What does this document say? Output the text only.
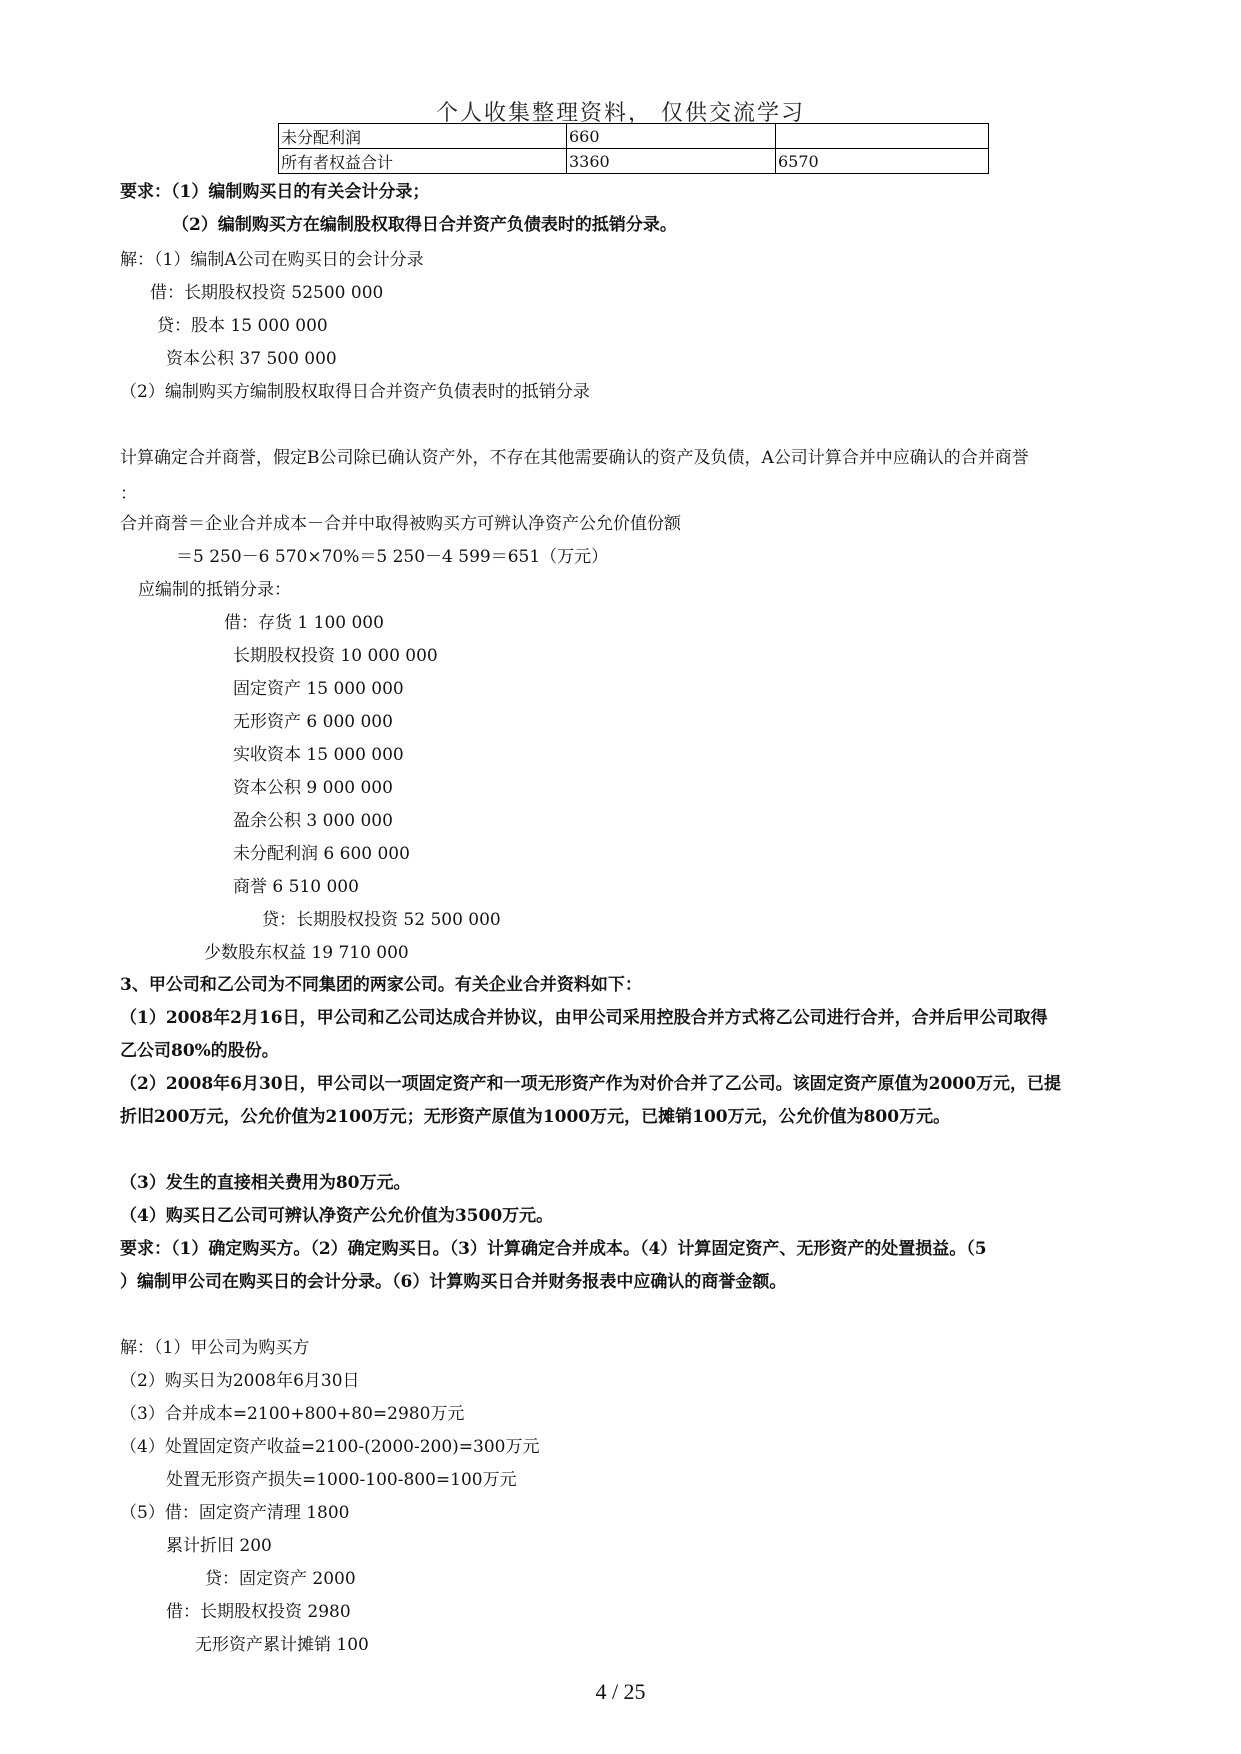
个人收集整理资料， 仅供交流学习
未分配利润	660	
所有者权益合计	3360	6570
要求：（1）编制购买日的有关会计分录；
（2）编制购买方在编制股权取得日合并资产负债表时的抵销分录。
解：（1）编制A公司在购买日的会计分录
借：长期股权投资 52500 000
贷：股本 15 000 000
资本公积 37 500 000
（2）编制购买方编制股权取得日合并资产负债表时的抵销分录
计算确定合并商誉，假定B公司除已确认资产外，不存在其他需要确认的资产及负债，A公司计算合并中应确认的合并商誉
：
合并商誉＝企业合并成本－合并中取得被购买方可辨认净资产公允价值份额
＝5 250－6 570×70%＝5 250－4 599＝651（万元）
应编制的抵销分录：
借：存货 1 100 000
长期股权投资 10 000 000
固定资产 15 000 000
无形资产 6 000 000
实收资本 15 000 000
资本公积 9 000 000
盈余公积 3 000 000
未分配利润 6 600 000
商誉 6 510 000
贷：长期股权投资 52 500 000
少数股东权益 19 710 000
3、甲公司和乙公司为不同集团的两家公司。有关企业合并资料如下：
（1）2008年2月16日，甲公司和乙公司达成合并协议，由甲公司采用控股合并方式将乙公司进行合并，合并后甲公司取得
乙公司80%的股份。
（2）2008年6月30日，甲公司以一项固定资产和一项无形资产作为对价合并了乙公司。该固定资产原值为2000万元，已提
折旧200万元，公允价值为2100万元；无形资产原值为1000万元，已摊销100万元，公允价值为800万元。
（3）发生的直接相关费用为80万元。
（4）购买日乙公司可辨认净资产公允价值为3500万元。
要求：（1）确定购买方。（2）确定购买日。（3）计算确定合并成本。（4）计算固定资产、无形资产的处置损益。（5
）编制甲公司在购买日的会计分录。（6）计算购买日合并财务报表中应确认的商誉金额。
解：（1）甲公司为购买方
（2）购买日为2008年6月30日
（3）合并成本=2100+800+80=2980万元
（4）处置固定资产收益=2100-(2000-200)=300万元
处置无形资产损失=1000-100-800=100万元
（5）借：固定资产清理 1800
累计折旧 200
贷：固定资产 2000
借：长期股权投资 2980
无形资产累计摊销 100
4 / 25
